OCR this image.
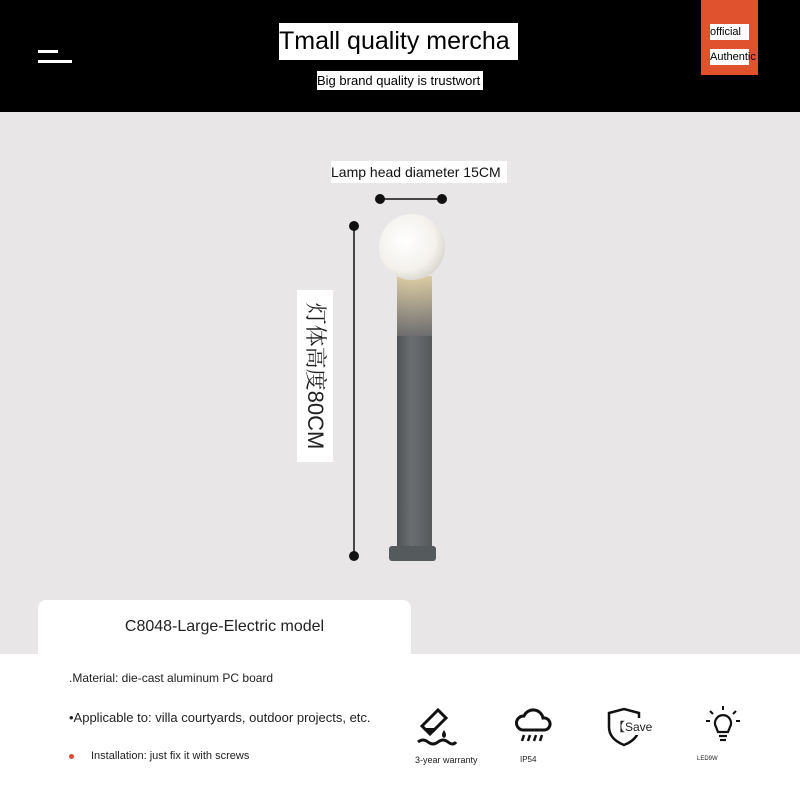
Tmall quality mercha
Big brand quality is trustwort
official
Authentic
Lamp head diameter 15CM
灯体高度80CM
C8048-Large-Electric model
.Material: die-cast aluminum PC board
•Applicable to: villa courtyards, outdoor projects, etc.
Installation: just fix it with screws	3-year warranty	IP54
【Save
LED9W
